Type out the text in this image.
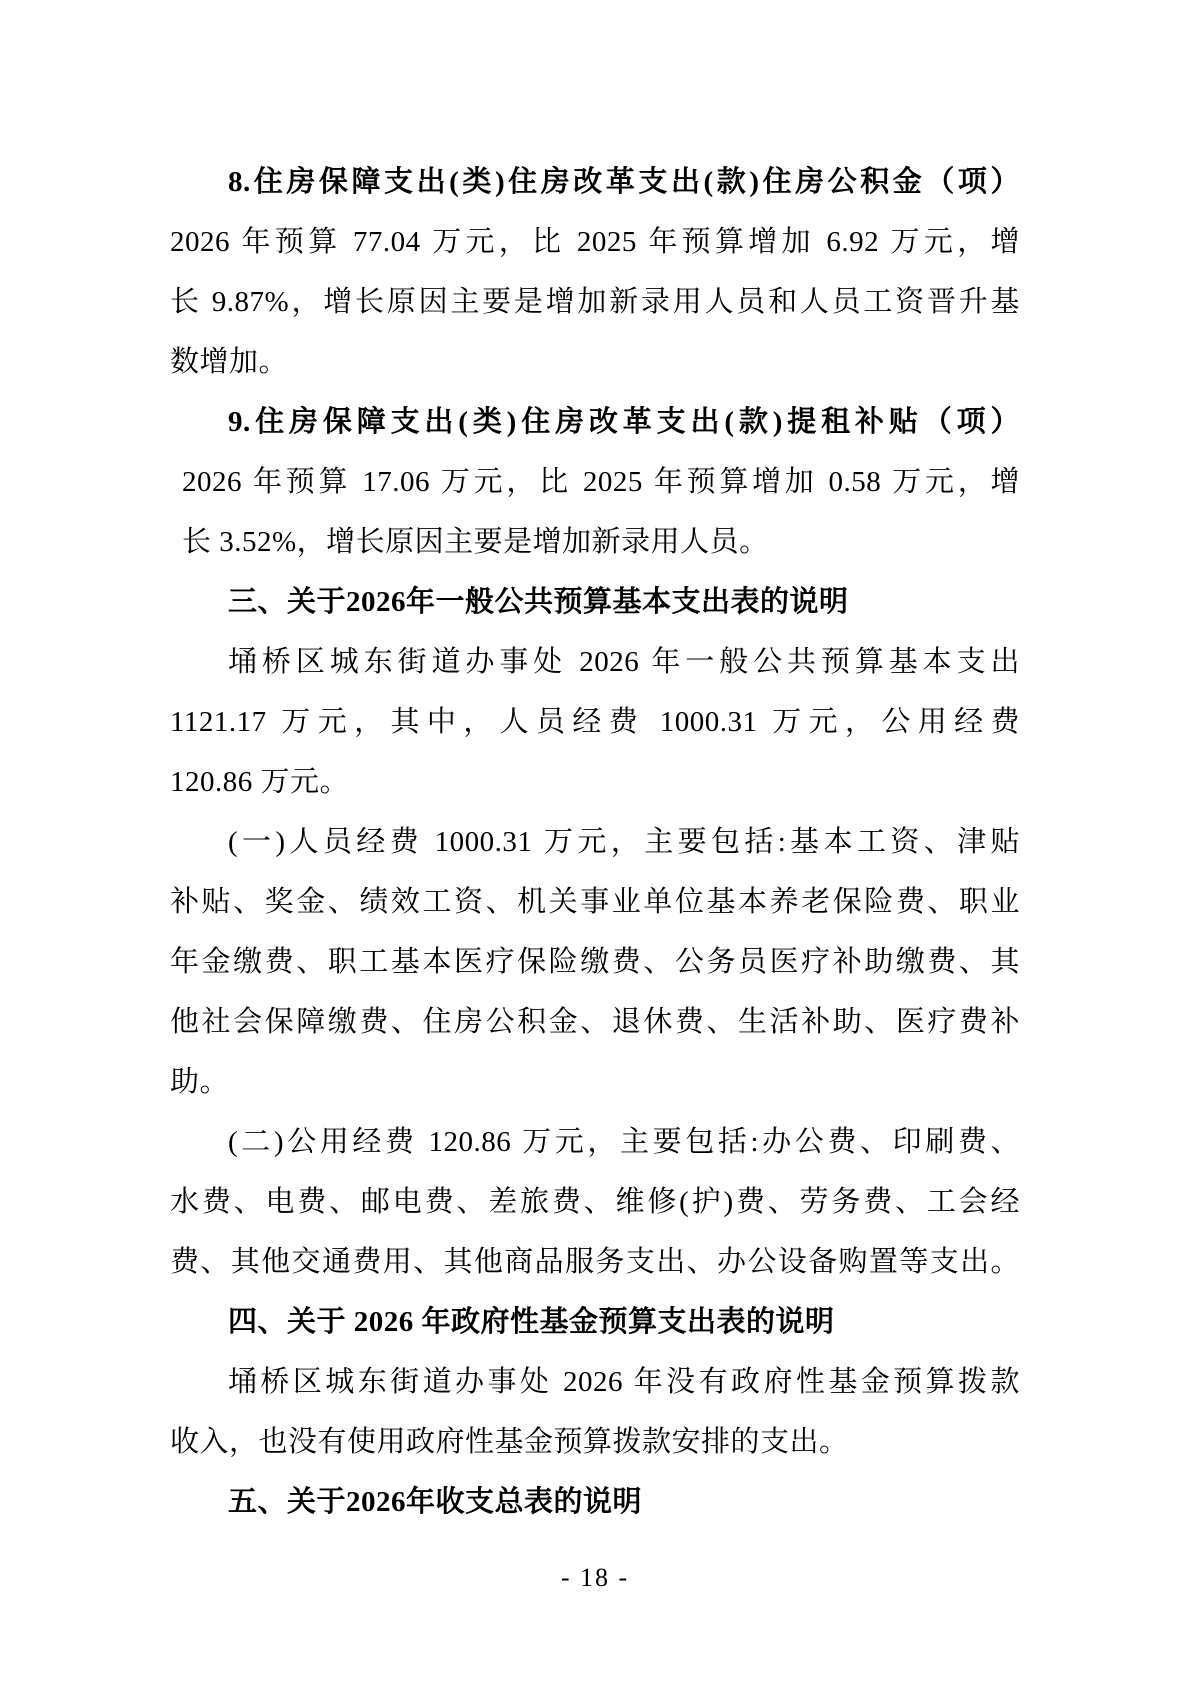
8.住房保障支出(类)住房改革支出(款)住房公积金（项）
2026 年预算 77.04 万元，比 2025 年预算增加 6.92 万元，增
长 9.87%，增长原因主要是增加新录用人员和人员工资晋升基
数增加。
9.住房保障支出(类)住房改革支出(款)提租补贴（项）
2026 年预算 17.06 万元，比 2025 年预算增加 0.58 万元，增
长 3.52%，增长原因主要是增加新录用人员。
三、关于2026年一般公共预算基本支出表的说明
埇桥区城东街道办事处 2026 年一般公共预算基本支出
1121.17 万元，其中，人员经费 1000.31 万元，公用经费
120.86 万元。
(一)人员经费 1000.31 万元，主要包括:基本工资、津贴
补贴、奖金、绩效工资、机关事业单位基本养老保险费、职业
年金缴费、职工基本医疗保险缴费、公务员医疗补助缴费、其
他社会保障缴费、住房公积金、退休费、生活补助、医疗费补
助。
(二)公用经费 120.86 万元，主要包括:办公费、印刷费、
水费、电费、邮电费、差旅费、维修(护)费、劳务费、工会经
费、其他交通费用、其他商品服务支出、办公设备购置等支出。
四、关于 2026 年政府性基金预算支出表的说明
埇桥区城东街道办事处 2026 年没有政府性基金预算拨款
收入，也没有使用政府性基金预算拨款安排的支出。
五、关于2026年收支总表的说明
- 18 -
